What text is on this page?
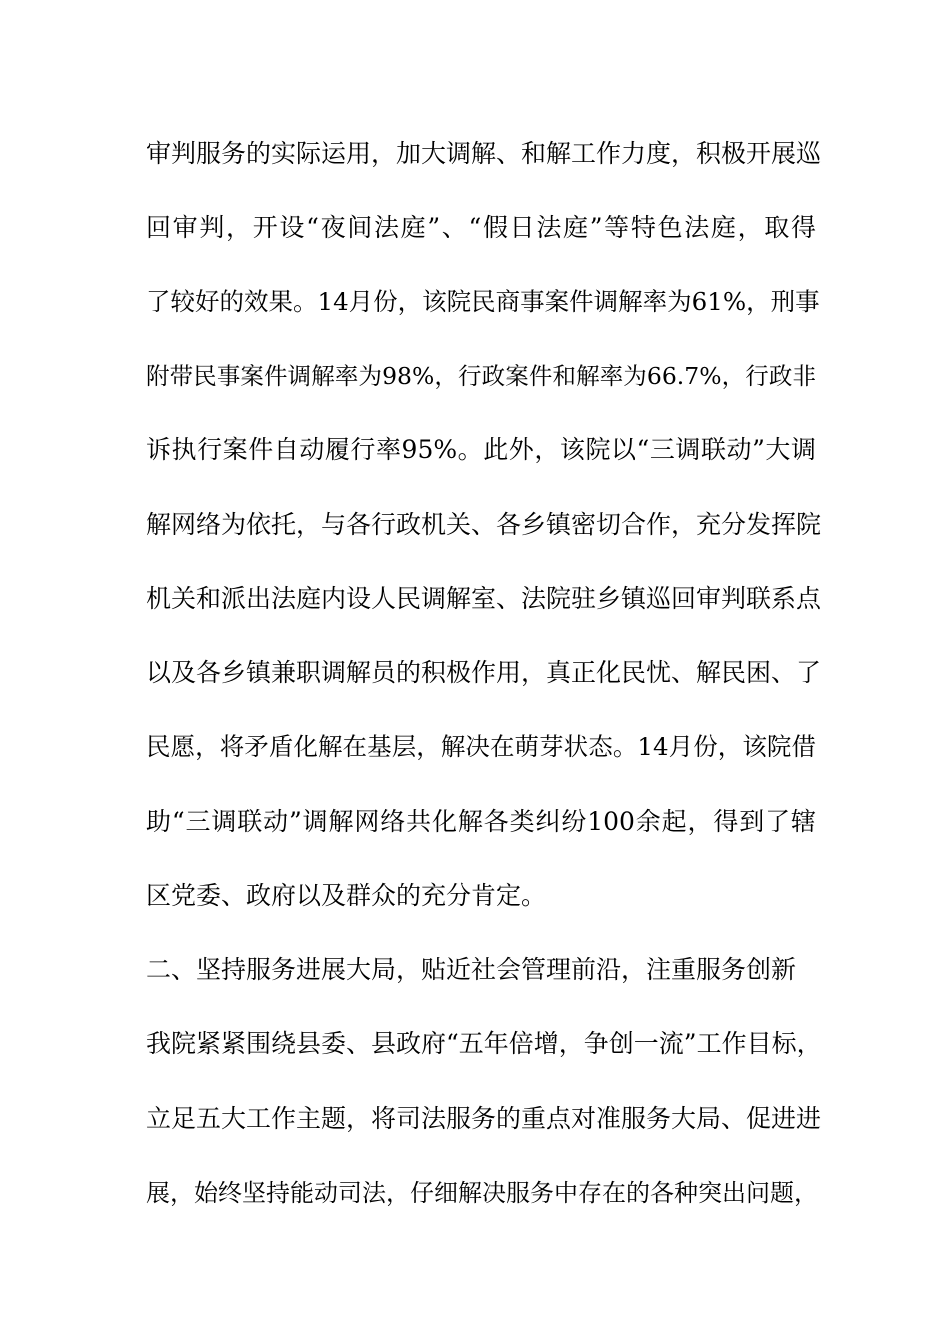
审判服务的实际运用，加大调解、和解工作力度，积极开展巡
回审判，开设“夜间法庭”、“假日法庭”等特色法庭，取得
了较好的效果。14月份，该院民商事案件调解率为61%，刑事
附带民事案件调解率为98%，行政案件和解率为66.7%，行政非
诉执行案件自动履行率95%。此外，该院以“三调联动”大调
解网络为依托，与各行政机关、各乡镇密切合作，充分发挥院
机关和派出法庭内设人民调解室、法院驻乡镇巡回审判联系点
以及各乡镇兼职调解员的积极作用，真正化民忧、解民困、了
民愿，将矛盾化解在基层，解决在萌芽状态。14月份，该院借
助“三调联动”调解网络共化解各类纠纷100余起，得到了辖
区党委、政府以及群众的充分肯定。
二、坚持服务进展大局，贴近社会管理前沿，注重服务创新
我院紧紧围绕县委、县政府“五年倍增，争创一流”工作目标，
立足五大工作主题，将司法服务的重点对准服务大局、促进进
展，始终坚持能动司法，仔细解决服务中存在的各种突出问题，
